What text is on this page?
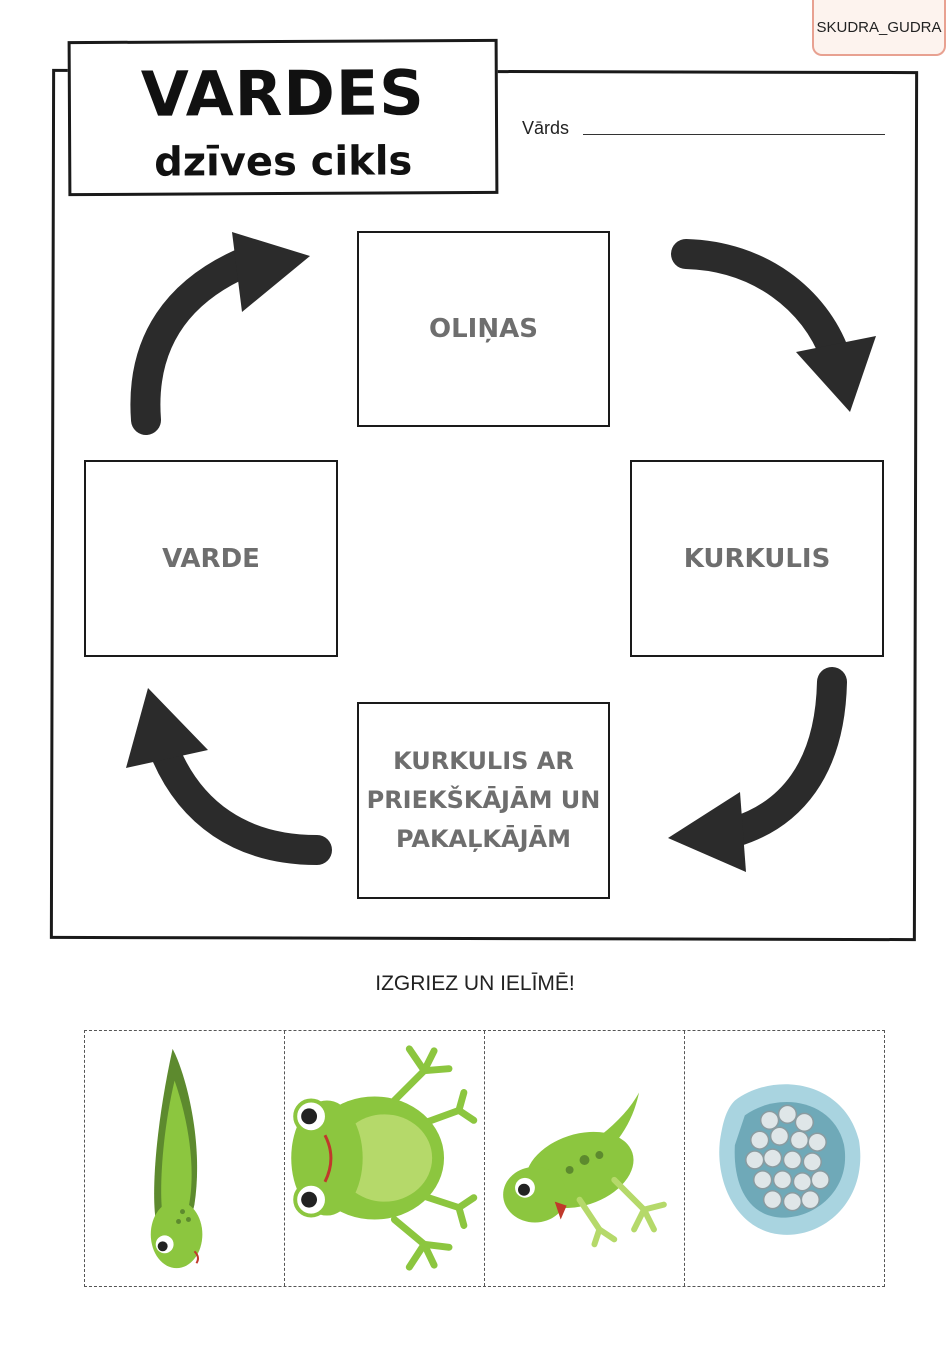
SKUDRA_GUDRA
VARDES
dzīves cikls
Vārds
OLIŅAS
KURKULIS
KURKULIS AR PRIEKŠKĀJĀM UN PAKAĻKĀJĀM
VARDE
IZGRIEZ UN IELĪMĒ!
